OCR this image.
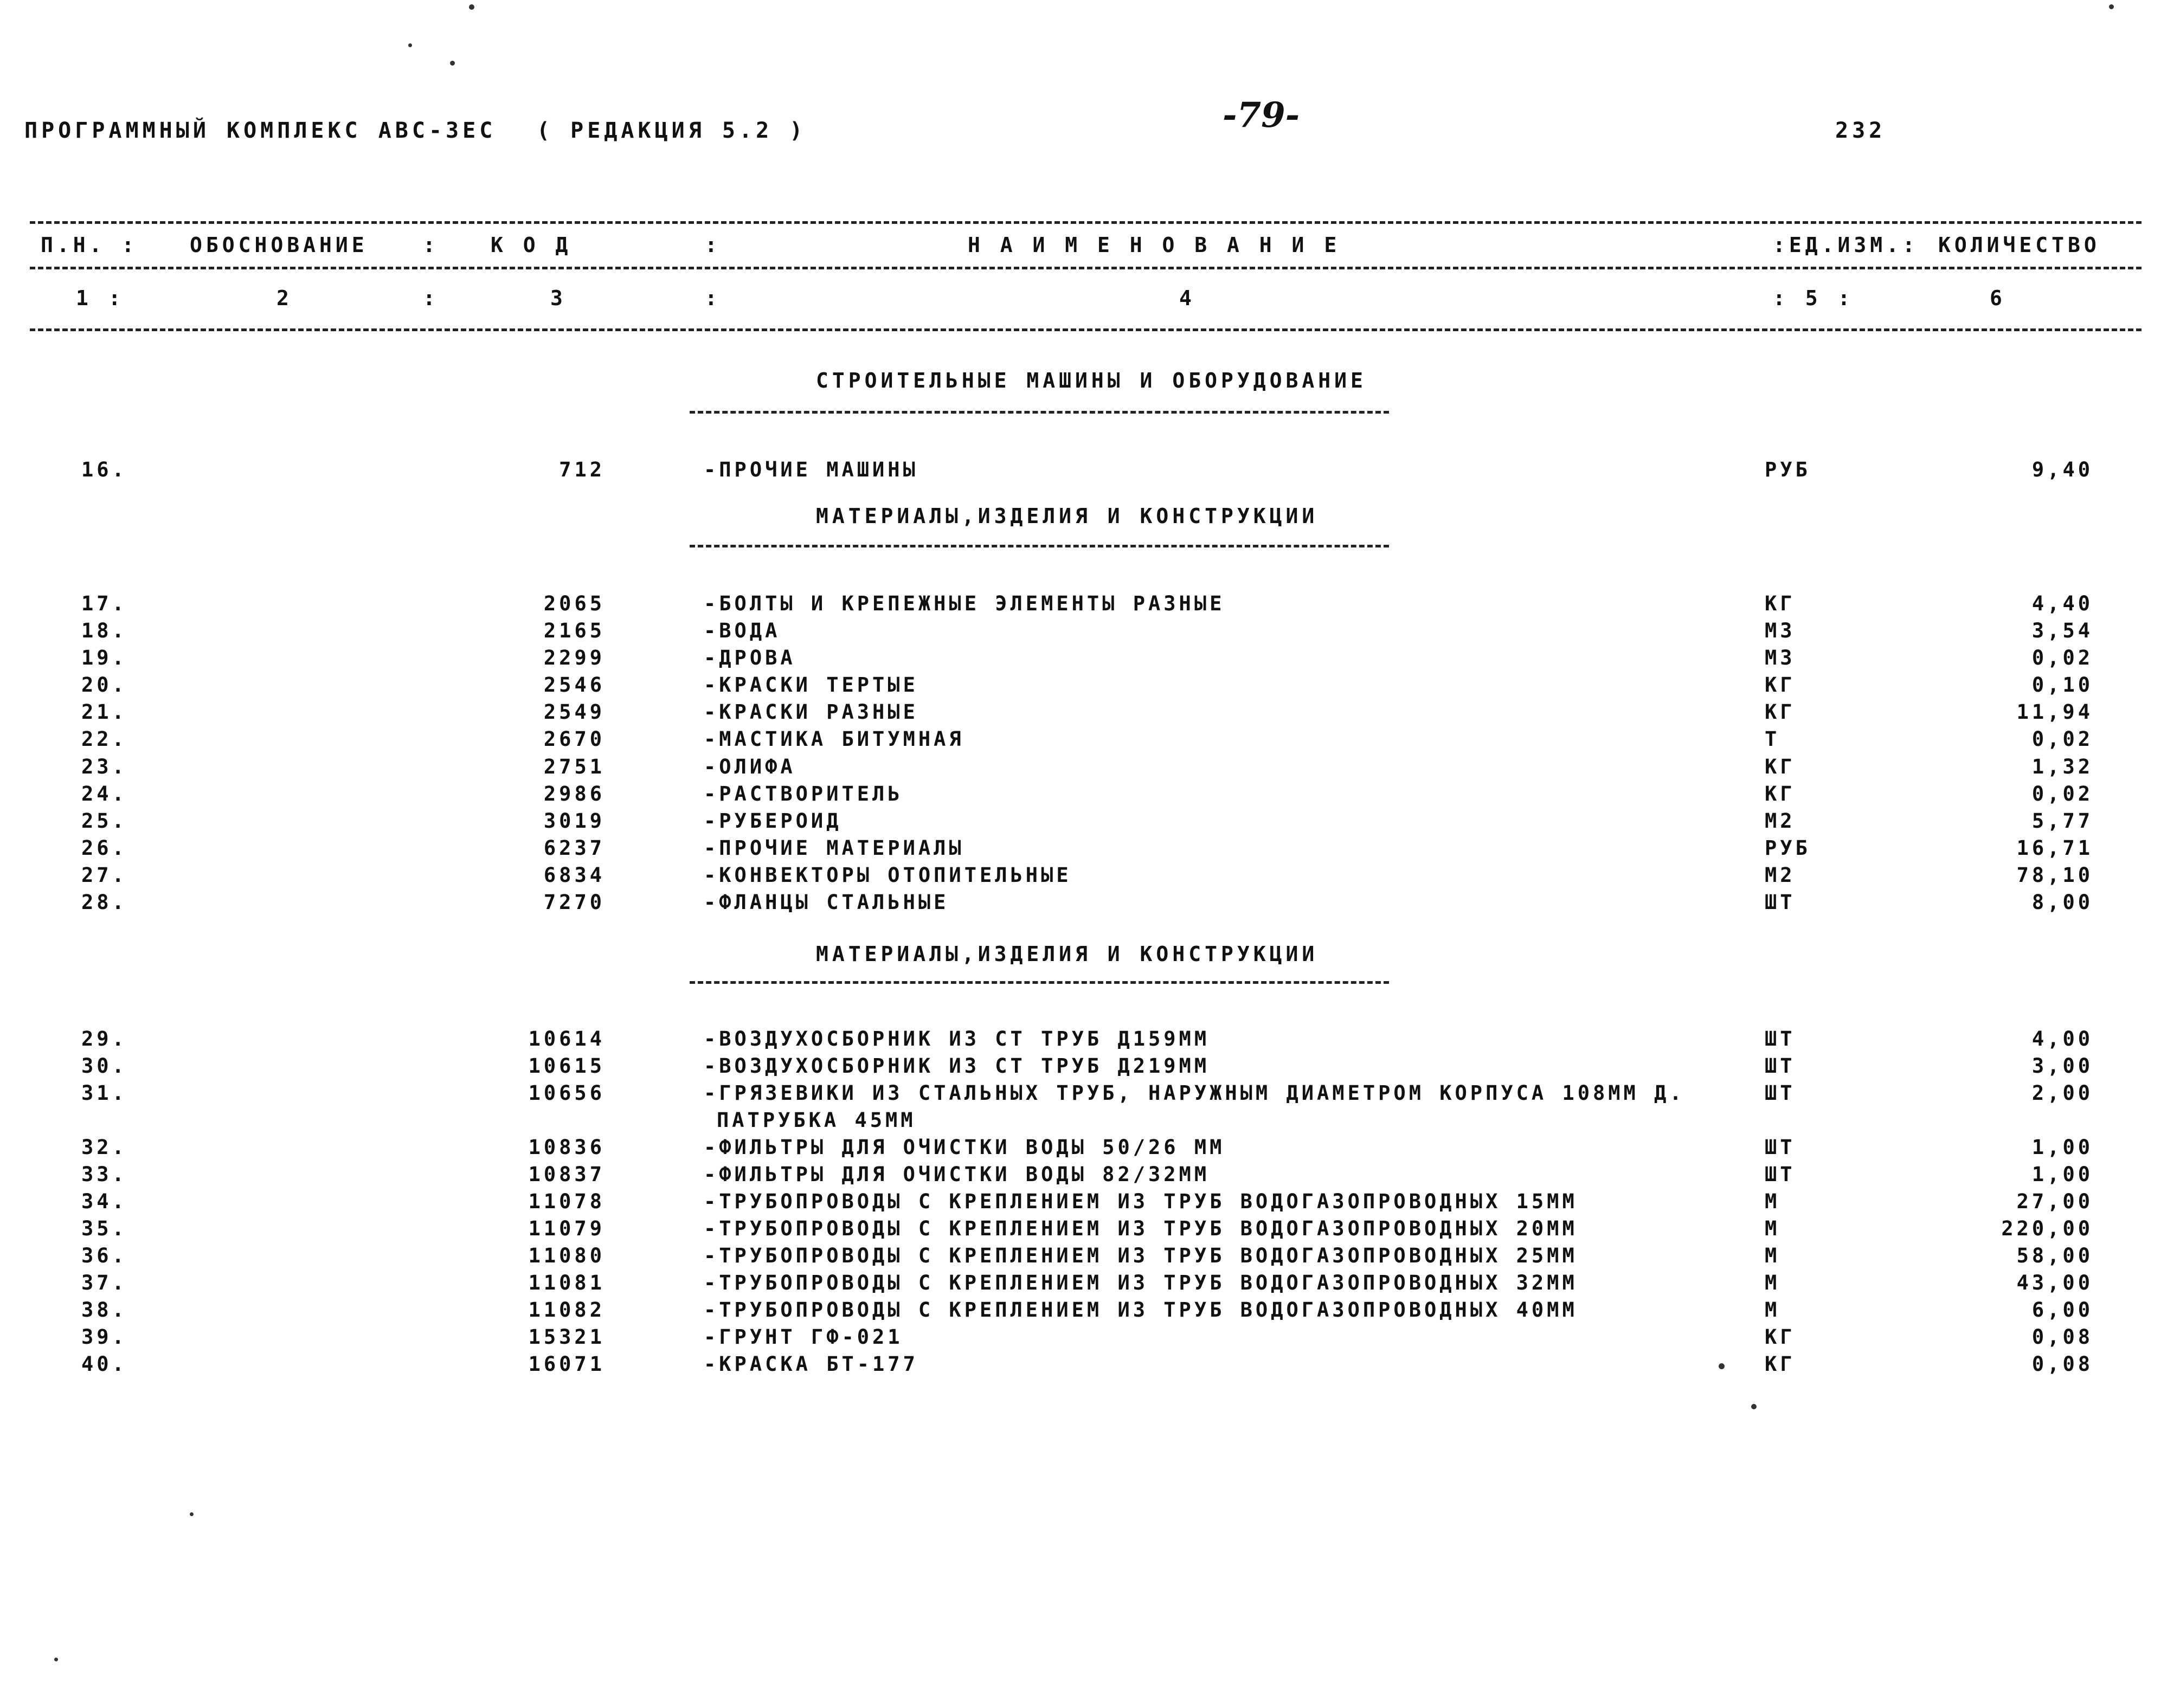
ПРОГРАММНЫЙ КОМПЛЕКС АВС-3ЕС ( РЕДАКЦИЯ 5.2 )	-79-	232
П.Н. :	ОБОСНОВАНИЕ	:	К О Д	:	Н А И М Е Н О В А Н И Е	:ЕД.ИЗМ.: КОЛИЧЕСТВО
1 :	2	:	3	:	4	: 5 :	6
СТРОИТЕЛЬНЫЕ МАШИНЫ И ОБОРУДОВАНИЕ
МАТЕРИАЛЫ,ИЗДЕЛИЯ И КОНСТРУКЦИИ
МАТЕРИАЛЫ,ИЗДЕЛИЯ И КОНСТРУКЦИИ
16.	712	-ПРОЧИЕ МАШИНЫ	РУБ	9,40
17.	2065	-БОЛТЫ И КРЕПЕЖНЫЕ ЭЛЕМЕНТЫ РАЗНЫЕ	КГ	4,40
18.	2165	-ВОДА	М3	3,54
19.	2299	-ДРОВА	М3	0,02
20.	2546	-КРАСКИ ТЕРТЫЕ	КГ	0,10
21.	2549	-КРАСКИ РАЗНЫЕ	КГ	11,94
22.	2670	-МАСТИКА БИТУМНАЯ	Т	0,02
23.	2751	-ОЛИФА	КГ	1,32
24.	2986	-РАСТВОРИТЕЛЬ	КГ	0,02
25.	3019	-РУБЕРОИД	М2	5,77
26.	6237	-ПРОЧИЕ МАТЕРИАЛЫ	РУБ	16,71
27.	6834	-КОНВЕКТОРЫ ОТОПИТЕЛЬНЫЕ	М2	78,10
28.	7270	-ФЛАНЦЫ СТАЛЬНЫЕ	ШТ	8,00
29.	10614	-ВОЗДУХОСБОРНИК ИЗ СТ ТРУБ Д159ММ	ШТ	4,00
30.	10615	-ВОЗДУХОСБОРНИК ИЗ СТ ТРУБ Д219ММ	ШТ	3,00
31.	10656	-ГРЯЗЕВИКИ ИЗ СТАЛЬНЫХ ТРУБ, НАРУЖНЫМ ДИАМЕТРОМ КОРПУСА 108ММ Д.	ШТ	2,00
ПАТРУБКА 45ММ
32.	10836	-ФИЛЬТРЫ ДЛЯ ОЧИСТКИ ВОДЫ 50/26 ММ	ШТ	1,00
33.	10837	-ФИЛЬТРЫ ДЛЯ ОЧИСТКИ ВОДЫ 82/32ММ	ШТ	1,00
34.	11078	-ТРУБОПРОВОДЫ С КРЕПЛЕНИЕМ ИЗ ТРУБ ВОДОГАЗОПРОВОДНЫХ 15ММ	М	27,00
35.	11079	-ТРУБОПРОВОДЫ С КРЕПЛЕНИЕМ ИЗ ТРУБ ВОДОГАЗОПРОВОДНЫХ 20ММ	М	220,00
36.	11080	-ТРУБОПРОВОДЫ С КРЕПЛЕНИЕМ ИЗ ТРУБ ВОДОГАЗОПРОВОДНЫХ 25ММ	М	58,00
37.	11081	-ТРУБОПРОВОДЫ С КРЕПЛЕНИЕМ ИЗ ТРУБ ВОДОГАЗОПРОВОДНЫХ 32ММ	М	43,00
38.	11082	-ТРУБОПРОВОДЫ С КРЕПЛЕНИЕМ ИЗ ТРУБ ВОДОГАЗОПРОВОДНЫХ 40ММ	М	6,00
39.	15321	-ГРУНТ ГФ-021	КГ	0,08
40.	16071	-КРАСКА БТ-177	КГ	0,08
